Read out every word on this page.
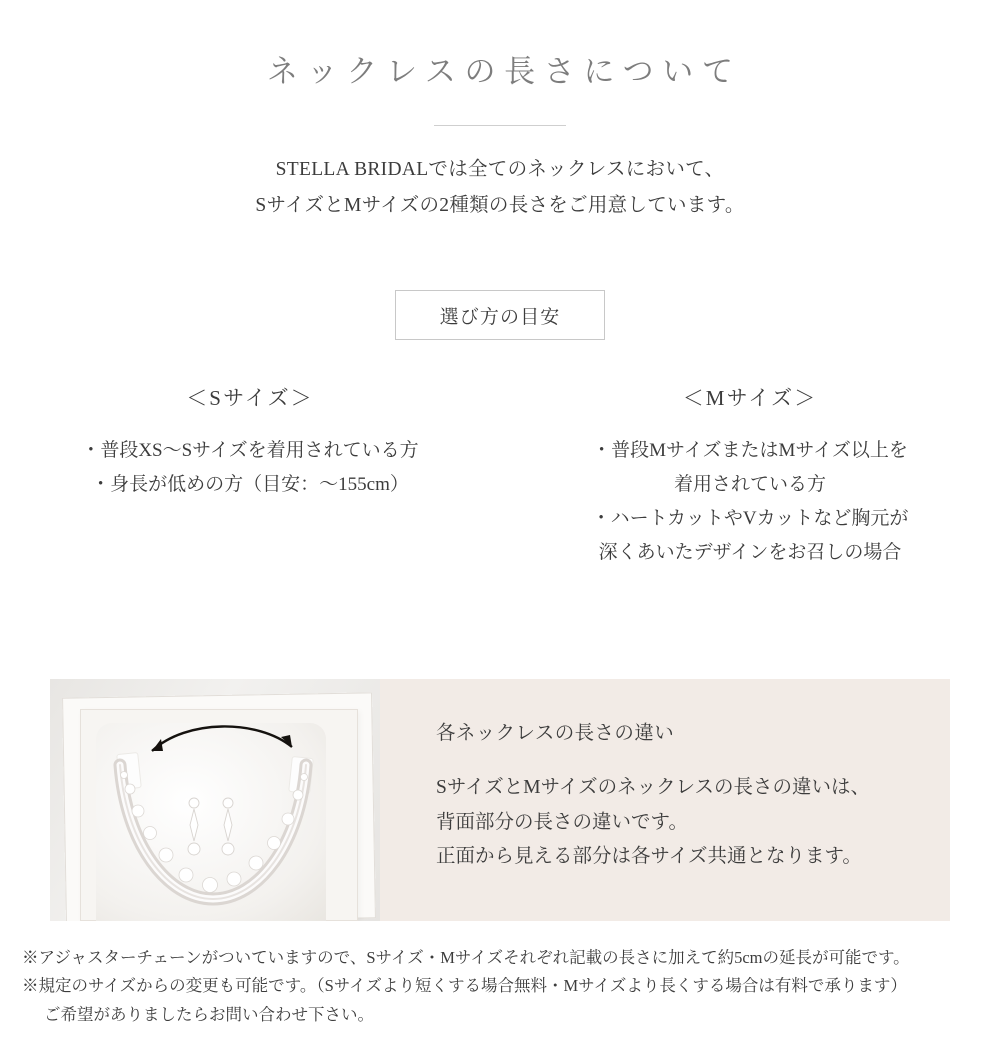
ネックレスの長さについて
STELLA BRIDALでは全てのネックレスにおいて、
SサイズとMサイズの2種類の長さをご用意しています。
選び方の目安
＜Sサイズ＞
・普段XS〜Sサイズを着用されている方
・身長が低めの方（目安：〜155cm）
＜Mサイズ＞
・普段MサイズまたはMサイズ以上を
着用されている方
・ハートカットやVカットなど胸元が
深くあいたデザインをお召しの場合
各ネックレスの長さの違い
SサイズとMサイズのネックレスの長さの違いは、
背面部分の長さの違いです。
正面から見える部分は各サイズ共通となります。
※アジャスターチェーンがついていますので、Sサイズ・Mサイズそれぞれ記載の長さに加えて約5cmの延長が可能です。
※規定のサイズからの変更も可能です。（Sサイズより短くする場合無料・Mサイズより長くする場合は有料で承ります）
ご希望がありましたらお問い合わせ下さい。
